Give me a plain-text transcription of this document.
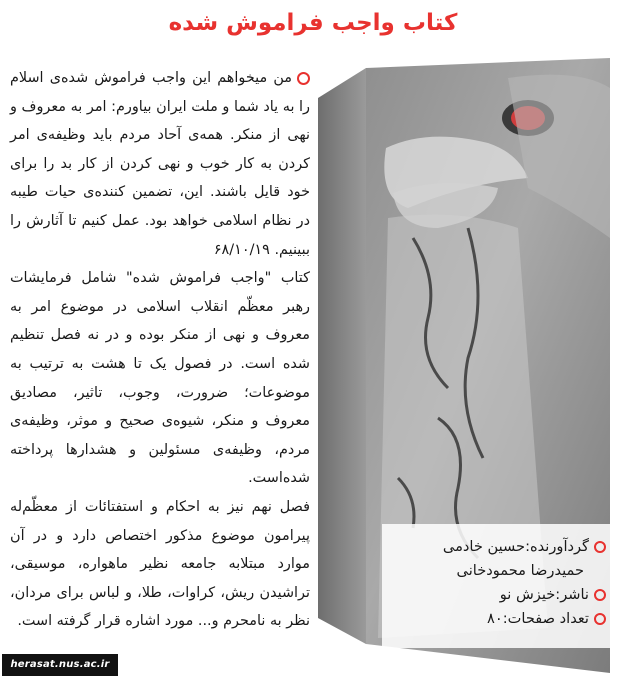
کتاب واجب فراموش شده

من میخواهم این واجب فراموش شده‌ی اسلام را به یاد شما و ملت ایران بیاورم: امر به معروف و نهی از منکر. همه‌ی آحاد مردم باید وظیفه‌ی امر کردن به کار خوب و نهی کردن از کار بد را برای خود قایل باشند. این، تضمین کننده‌ی حیات طیبه در نظام اسلامی خواهد بود. عمل کنیم تا آثارش را ببینیم. ۶۸/۱۰/۱۹

کتاب "واجب فراموش شده" شامل فرمایشات رهبر معظّم انقلاب اسلامی در موضوع امر به معروف و نهی از منکر بوده و در نه فصل تنظیم شده است. در فصول یک تا هشت به ترتیب به موضوعات؛ ضرورت، وجوب، تاثیر، مصادیق معروف و منکر، شیوه‌ی صحیح و موثر، وظیفه‌ی مردم، وظیفه‌ی مسئولین و هشدارها پرداخته شده‌است.

فصل نهم نیز به احکام و استفتائات از معظّم‌له پیرامون موضوع مذکور اختصاص دارد و در آن موارد مبتلابه جامعه نظیر ماهواره، موسیقی، تراشیدن ریش، کراوات، طلا، و لباس برای مردان، نظر به نامحرم و... مورد اشاره قرار گرفته است.

گردآورنده:حسین خادمی
حمیدرضا محمودخانی
ناشر:خیزش نو
تعداد صفحات:۸۰
herasat.nus.ac.ir
